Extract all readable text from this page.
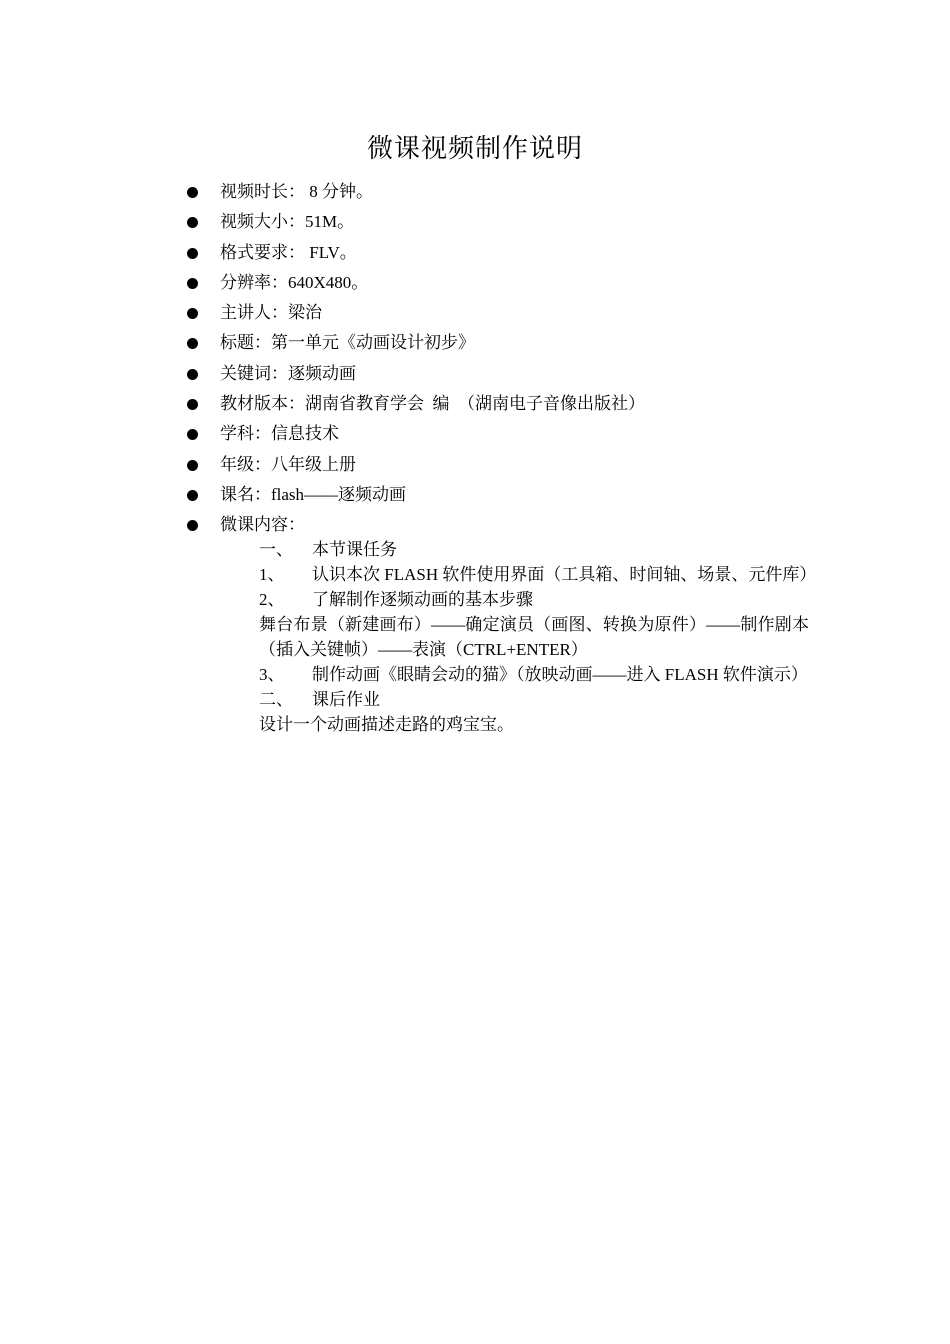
微课视频制作说明
视频时长： 8 分钟。
视频大小：51M。
格式要求： FLV。
分辨率：640X480。
主讲人：梁治
标题：第一单元《动画设计初步》
关键词：逐频动画
教材版本：湖南省教育学会  编  （湖南电子音像出版社）
学科：信息技术
年级：八年级上册
课名：flash——逐频动画
微课内容：
一、	本节课任务
1、	认识本次 FLASH 软件使用界面（工具箱、时间轴、场景、元件库）
2、	了解制作逐频动画的基本步骤
舞台布景（新建画布）——确定演员（画图、转换为原件）——制作剧本（插入关键帧）——表演（CTRL+ENTER）
3、	制作动画《眼睛会动的猫》（放映动画——进入 FLASH 软件演示）
二、	课后作业
设计一个动画描述走路的鸡宝宝。
